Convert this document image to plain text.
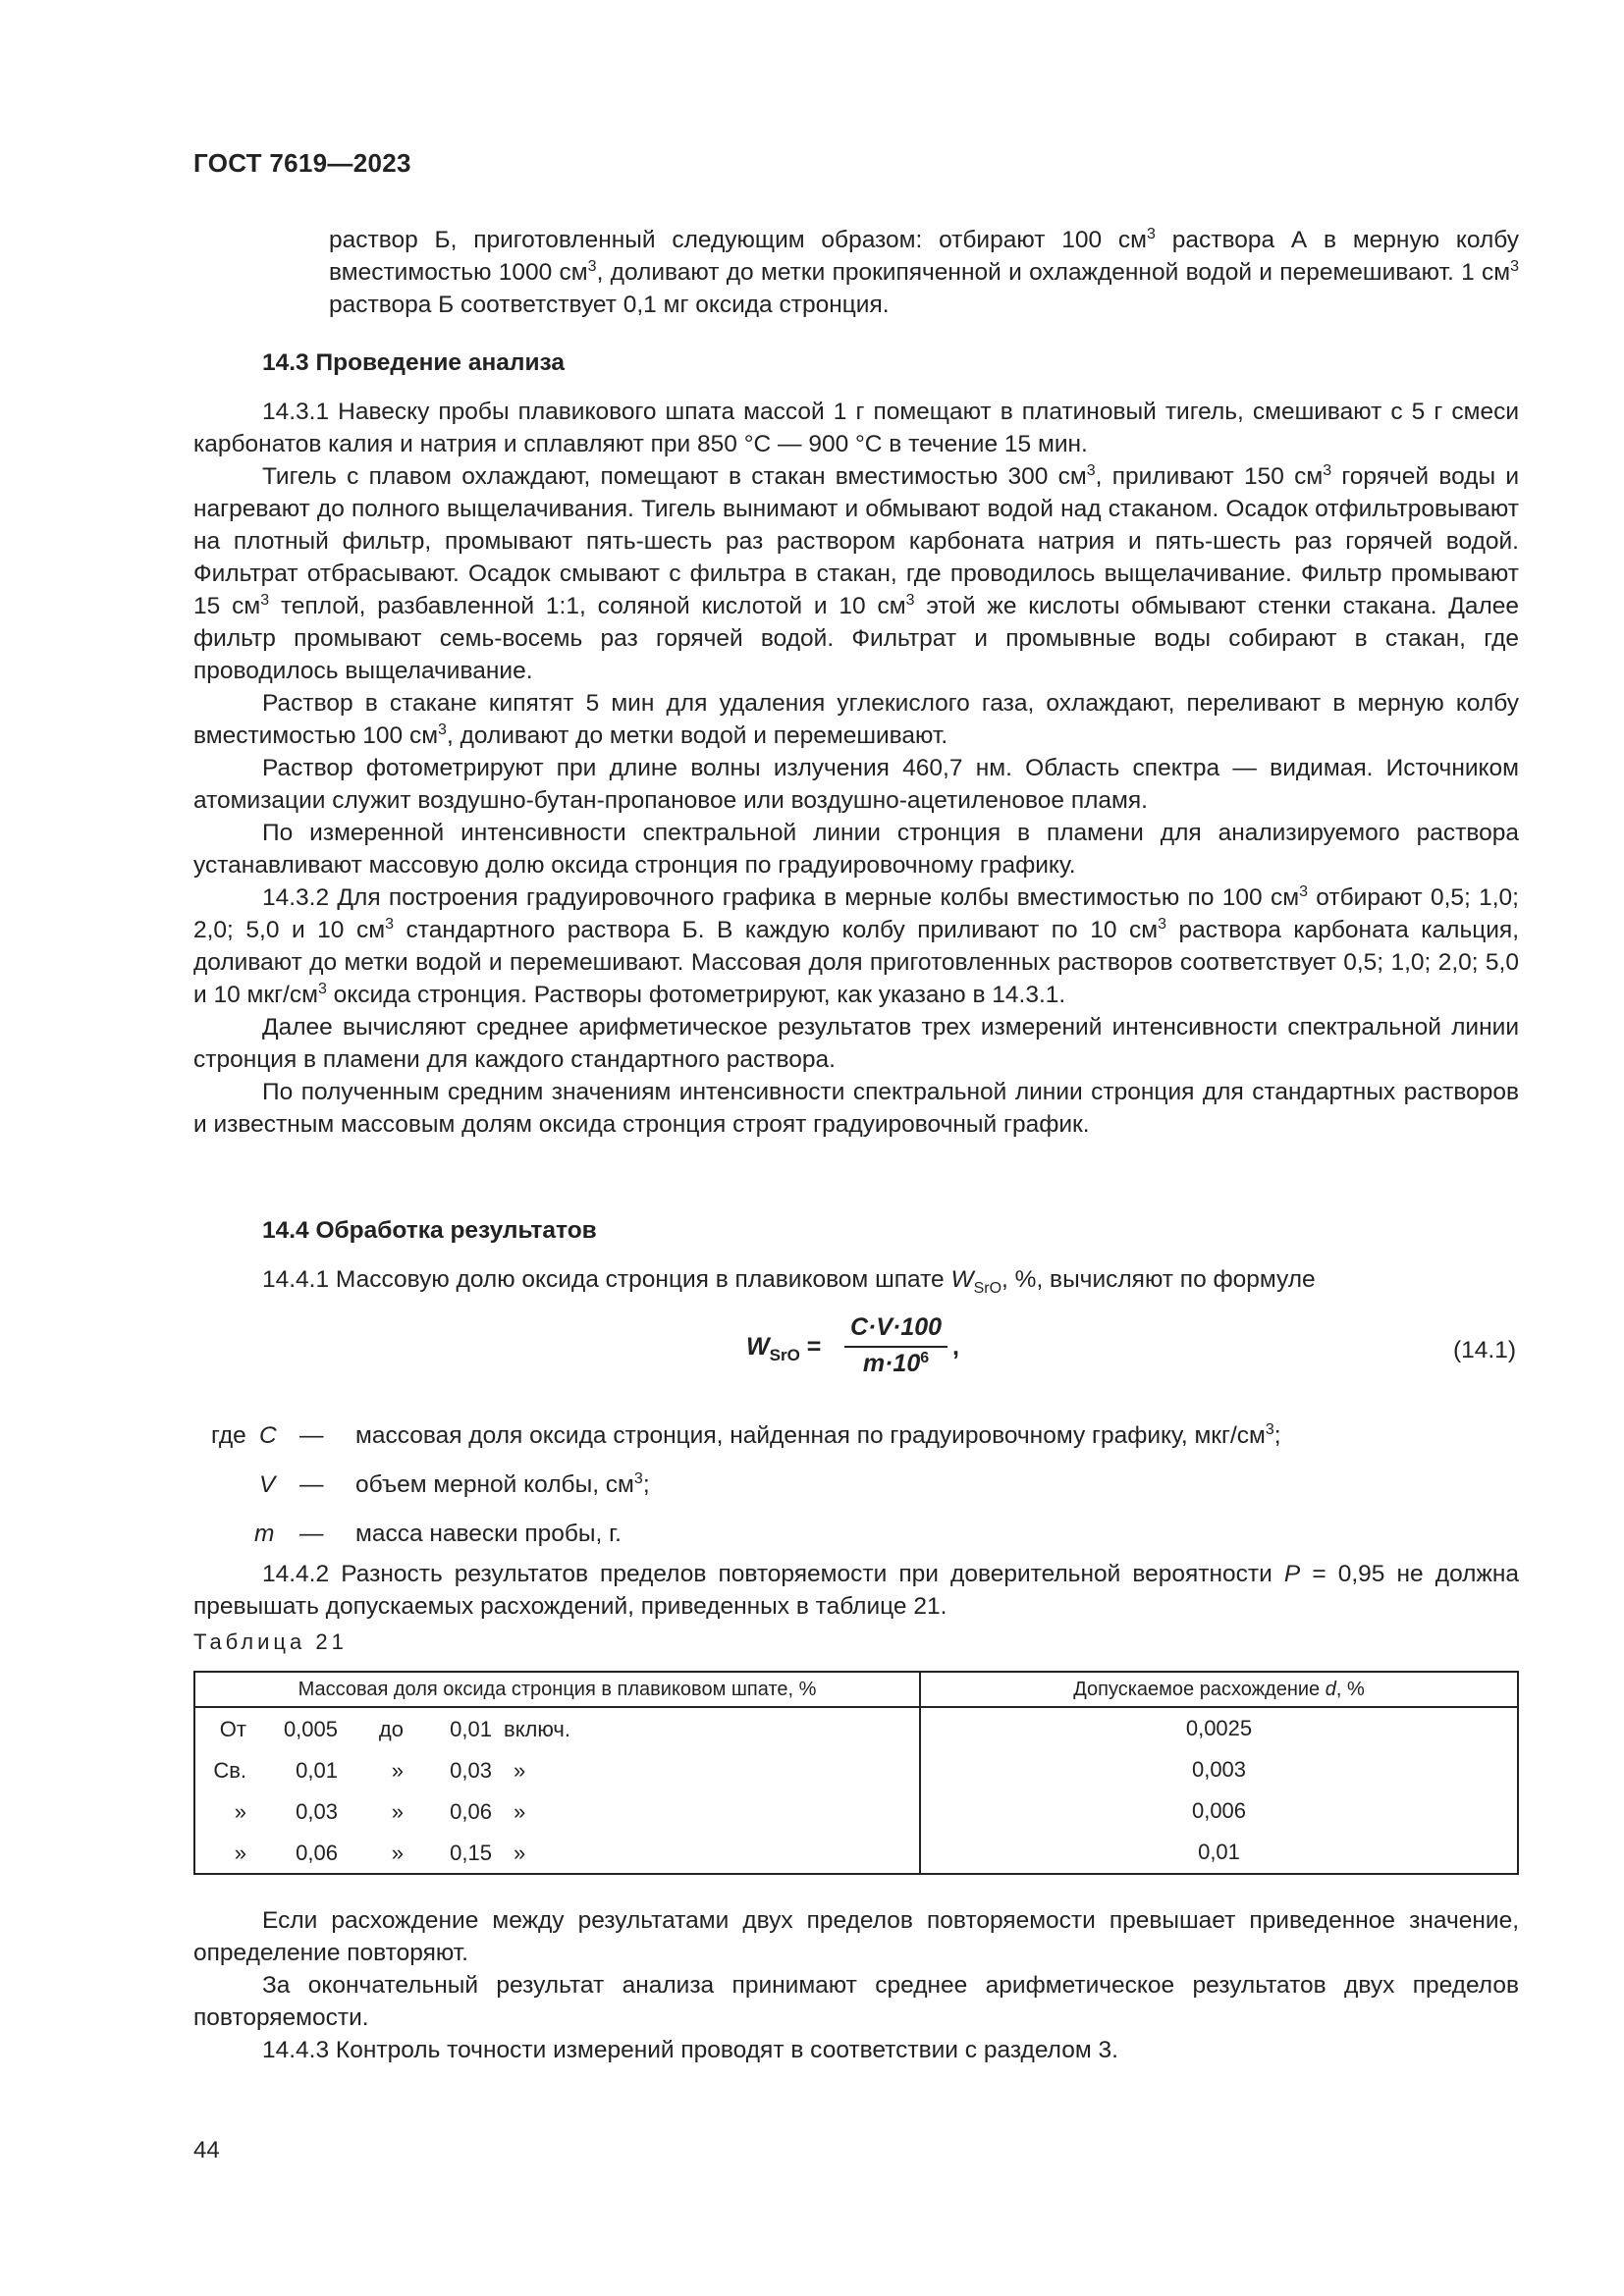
ГОСТ 7619—2023

раствор Б, приготовленный следующим образом: отбирают 100 $см^3$ раствора А в мерную колбу вместимостью 1000 $см^3$, доливают до метки прокипяченной и охлажденной водой и перемешивают. 1 $см^3$ раствора Б соответствует 0,1 мг оксида стронция.

14.3 Проведение анализа

14.3.1 Навеску пробы плавикового шпата массой 1 г помещают в платиновый тигель, смешивают с 5 г смеси карбонатов калия и натрия и сплавляют при 850 °С — 900 °С в течение 15 мин.

Тигель с плавом охлаждают, помещают в стакан вместимостью 300 $см^3$, приливают 150 $см^3$ горячей воды и нагревают до полного выщелачивания. Тигель вынимают и обмывают водой над стаканом. Осадок отфильтровывают на плотный фильтр, промывают пять-шесть раз раствором карбоната натрия и пять-шесть раз горячей водой. Фильтрат отбрасывают. Осадок смывают с фильтра в стакан, где проводилось выщелачивание. Фильтр промывают 15 $см^3$ теплой, разбавленной 1:1, соляной кислотой и 10 $см^3$ этой же кислоты обмывают стенки стакана. Далее фильтр промывают семь-восемь раз горячей водой. Фильтрат и промывные воды собирают в стакан, где проводилось выщелачивание.

Раствор в стакане кипятят 5 мин для удаления углекислого газа, охлаждают, переливают в мерную колбу вместимостью 100 $см^3$, доливают до метки водой и перемешивают.

Раствор фотометрируют при длине волны излучения 460,7 нм. Область спектра — видимая. Источником атомизации служит воздушно-бутан-пропановое или воздушно-ацетиленовое пламя.

По измеренной интенсивности спектральной линии стронция в пламени для анализируемого раствора устанавливают массовую долю оксида стронция по градуировочному графику.

14.3.2 Для построения градуировочного графика в мерные колбы вместимостью по 100 $см^3$ отбирают 0,5; 1,0; 2,0; 5,0 и 10 $см^3$ стандартного раствора Б. В каждую колбу приливают по 10 $см^3$ раствора карбоната кальция, доливают до метки водой и перемешивают. Массовая доля приготовленных растворов соответствует 0,5; 1,0; 2,0; 5,0 и 10 мкг/$см^3$ оксида стронция. Растворы фотометрируют, как указано в 14.3.1.

Далее вычисляют среднее арифметическое результатов трех измерений интенсивности спектральной линии стронция в пламени для каждого стандартного раствора.

По полученным средним значениям интенсивности спектральной линии стронция для стандартных растворов и известным массовым долям оксида стронция строят градуировочный график.

14.4 Обработка результатов

14.4.1 Массовую долю оксида стронция в плавиковом шпате $W_{SrO}$, %, вычисляют по формуле

$W_{SrO}$ =
C·V·100
$m\cdot 10^6$ ,	(14.1)
где C — массовая доля оксида стронция, найденная по градуировочному графику, мкг/$см^3$;
V — объем мерной колбы, $см^3$;
m — масса навески пробы, г.

14.4.2 Разность результатов пределов повторяемости при доверительной вероятности P = 0,95 не должна превышать допускаемых расхождений, приведенных в таблице 21.

Таблица 21
Массовая доля оксида стронция в плавиковом шпате, %	Допускаемое расхождение d, %

От 0,005 до 0,01 включ.	0,0025

Св. 0,01 » 0,03 »	0,003

» 0,03 » 0,06 »	0,006

» 0,06 » 0,15 »	0,01

Если расхождение между результатами двух пределов повторяемости превышает приведенное значение, определение повторяют.

За окончательный результат анализа принимают среднее арифметическое результатов двух пределов повторяемости.

14.4.3 Контроль точности измерений проводят в соответствии с разделом 3.

44
